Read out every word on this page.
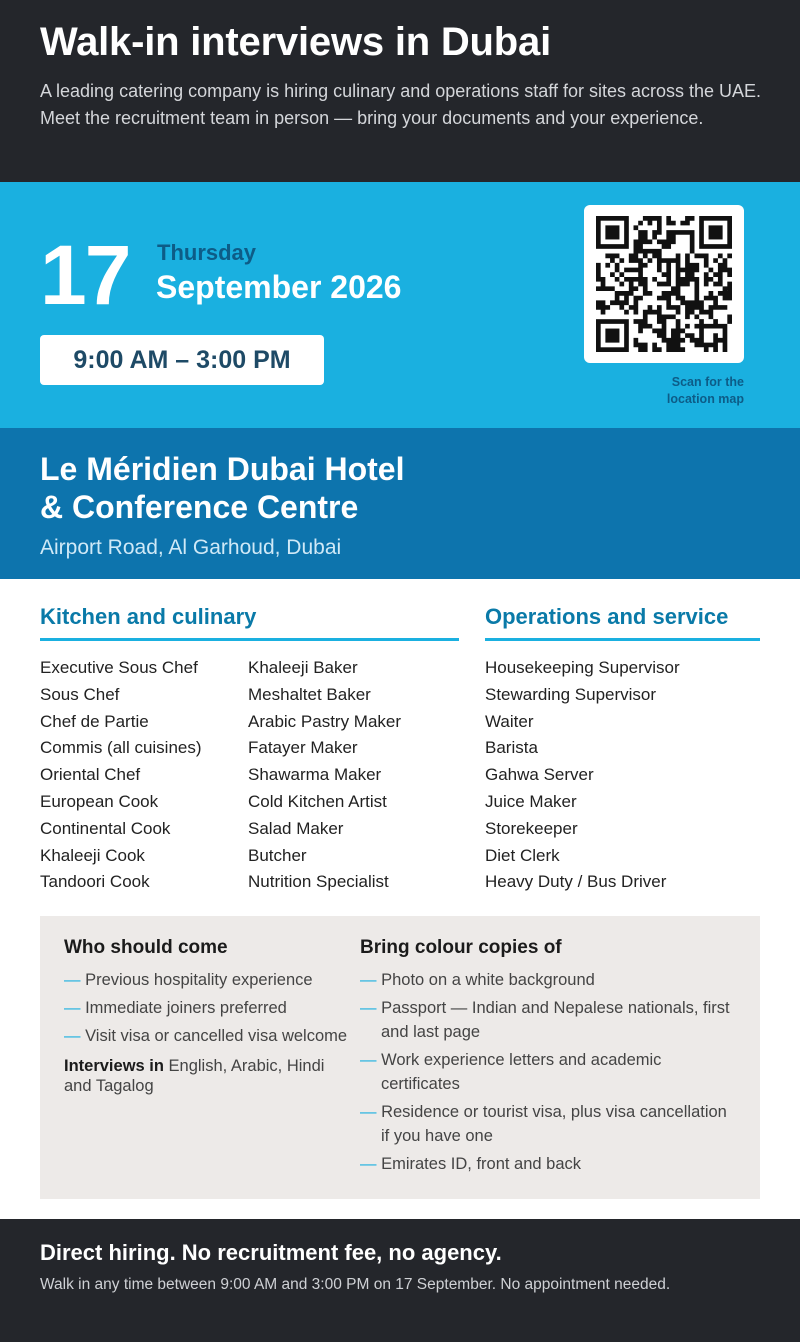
Walk-in interviews in Dubai

A leading catering company is hiring culinary and operations staff for sites across the UAE. Meet the recruitment team in person — bring your documents and your experience.

17 Thursday
September 2026
9:00 AM – 3:00 PM
Scan for the location map
Le Méridien Dubai Hotel
& Conference Centre
Airport Road, Al Garhoud, Dubai
Kitchen and culinary
Executive Sous Chef
Sous Chef
Chef de Partie
Commis (all cuisines)
Oriental Chef
European Cook
Continental Cook
Khaleeji Cook
Tandoori Cook
Khaleeji Baker
Meshaltet Baker
Arabic Pastry Maker
Fatayer Maker
Shawarma Maker
Cold Kitchen Artist
Salad Maker
Butcher
Nutrition Specialist
Operations and service
Housekeeping Supervisor
Stewarding Supervisor
Waiter
Barista
Gahwa Server
Juice Maker
Storekeeper
Diet Clerk
Heavy Duty / Bus Driver
Who should come
— Previous hospitality experience
— Immediate joiners preferred
— Visit visa or cancelled visa welcome
Interviews in English, Arabic, Hindi and Tagalog
Bring colour copies of
— Photo on a white background
— Passport — Indian and Nepalese nationals, first and last page
— Work experience letters and academic certificates
— Residence or tourist visa, plus visa cancellation if you have one
— Emirates ID, front and back
Direct hiring. No recruitment fee, no agency.

Walk in any time between 9:00 AM and 3:00 PM on 17 September. No appointment needed.
